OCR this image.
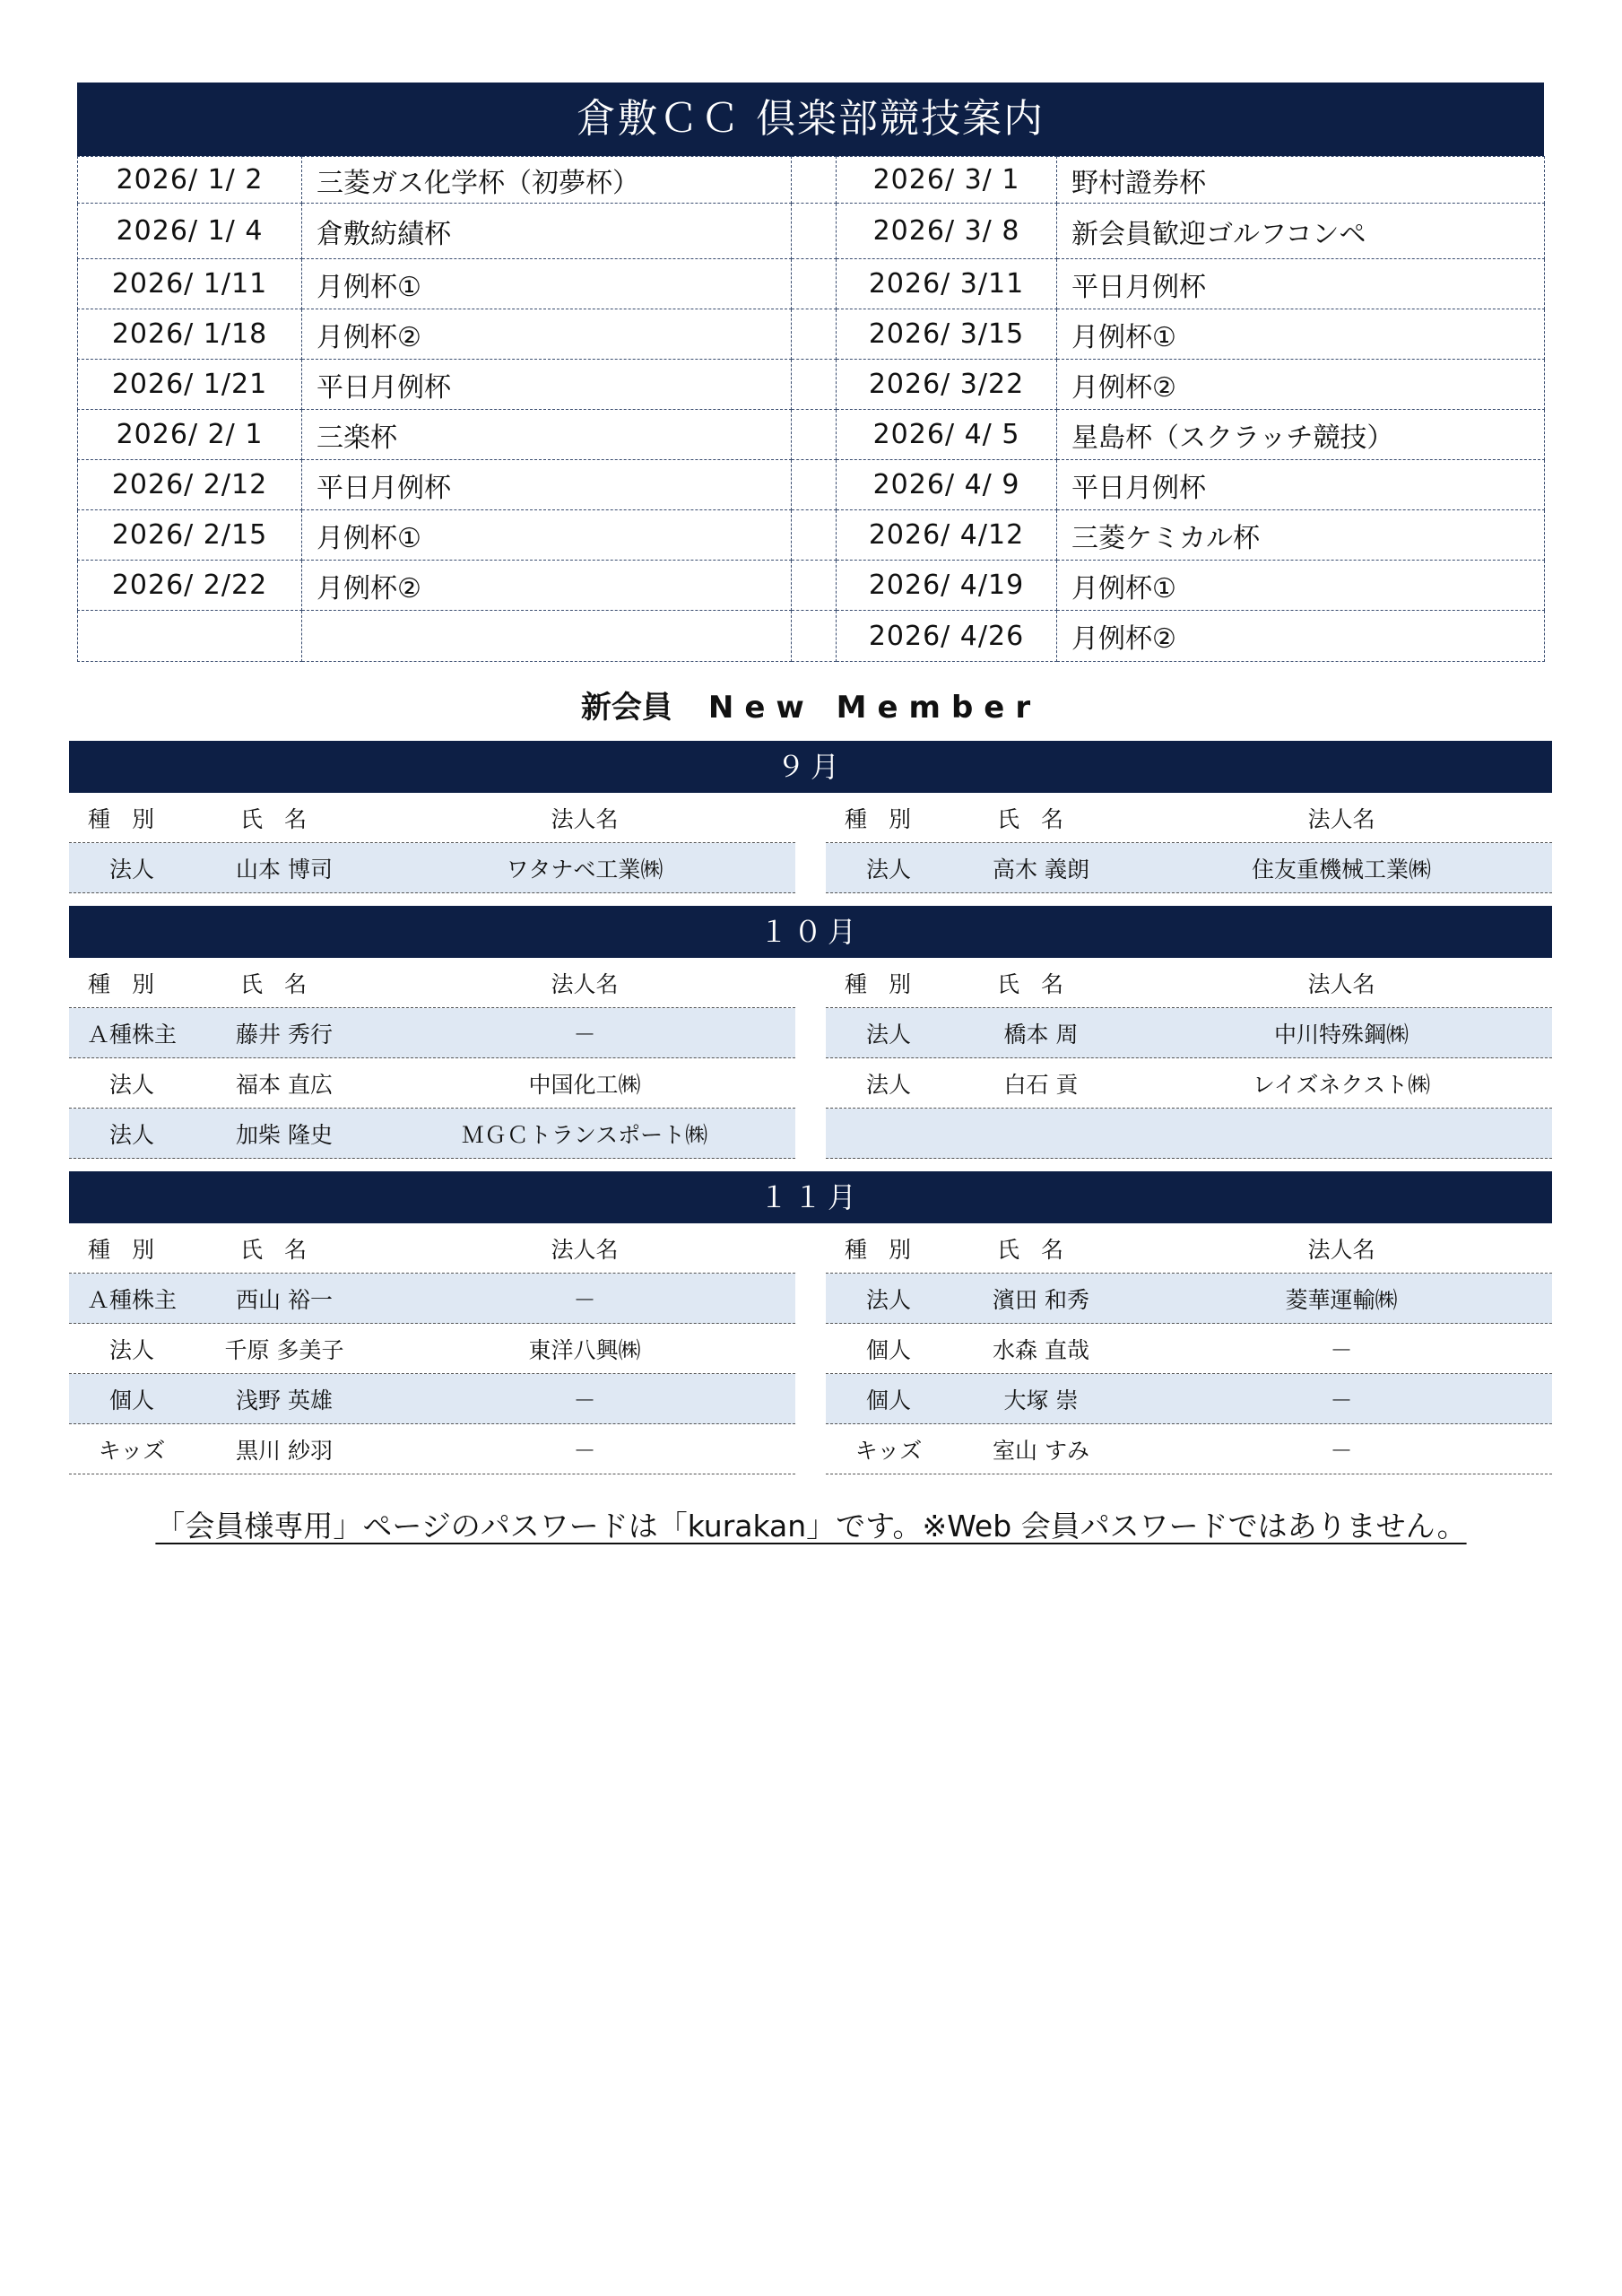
倉敷ＣＣ 倶楽部競技案内
2026/ 1/ 2	三菱ガス化学杯（初夢杯）		2026/ 3/ 1	野村證券杯
2026/ 1/ 4	倉敷紡績杯		2026/ 3/ 8	新会員歓迎ゴルフコンペ
2026/ 1/11	月例杯①		2026/ 3/11	平日月例杯
2026/ 1/18	月例杯②		2026/ 3/15	月例杯①
2026/ 1/21	平日月例杯		2026/ 3/22	月例杯②
2026/ 2/ 1	三楽杯		2026/ 4/ 5	星島杯（スクラッチ競技）
2026/ 2/12	平日月例杯		2026/ 4/ 9	平日月例杯
2026/ 2/15	月例杯①		2026/ 4/12	三菱ケミカル杯
2026/ 2/22	月例杯②		2026/ 4/19	月例杯①
			2026/ 4/26	月例杯②
新会員 New Member
９月
種別	氏名	法人名
法人	山本 博司	ワタナベ工業㈱
種別	氏名	法人名
法人	高木 義朗	住友重機械工業㈱
１０月
種別	氏名	法人名
Ａ種株主	藤井 秀行	－
法人	福本 直広	中国化工㈱
法人	加柴 隆史	ＭＧＣトランスポート㈱
種別	氏名	法人名
法人	橋本 周	中川特殊鋼㈱
法人	白石 貢	レイズネクスト㈱
１１月
種別	氏名	法人名
Ａ種株主	西山 裕一	－
法人	千原 多美子	東洋八興㈱
個人	浅野 英雄	－
キッズ	黒川 紗羽	－
種別	氏名	法人名
法人	濱田 和秀	菱華運輸㈱
個人	水森 直哉	－
個人	大塚 崇	－
キッズ	室山 すみ	－
「会員様専用」ページのパスワードは「kurakan」です。※Web 会員パスワードではありません。
